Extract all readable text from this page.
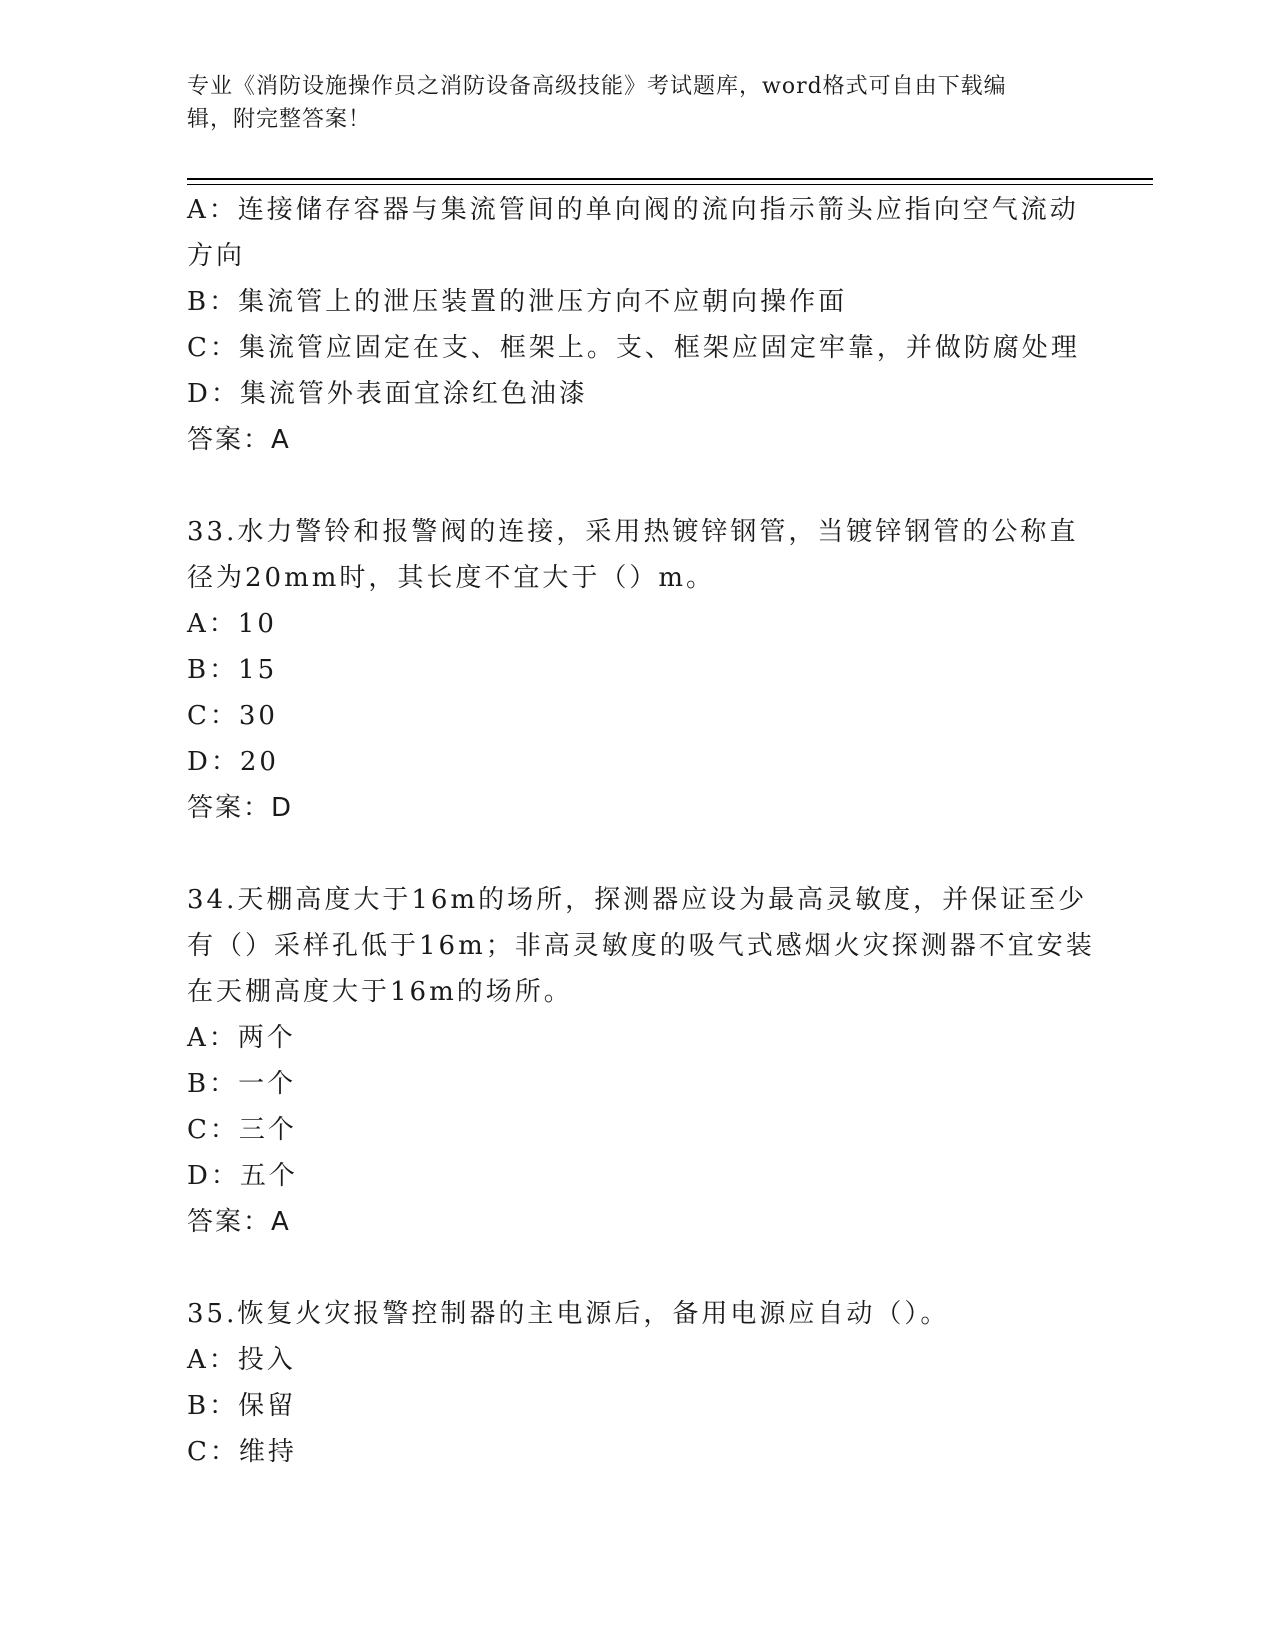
专业《消防设施操作员之消防设备高级技能》考试题库，word格式可自由下载编
辑，附完整答案！
A：连接储存容器与集流管间的单向阀的流向指示箭头应指向空气流动
方向
B：集流管上的泄压装置的泄压方向不应朝向操作面
C：集流管应固定在支、框架上。支、框架应固定牢靠，并做防腐处理
D：集流管外表面宜涂红色油漆
答案：A
33.水力警铃和报警阀的连接，采用热镀锌钢管，当镀锌钢管的公称直
径为20mm时，其长度不宜大于（）m。
A：10
B：15
C：30
D：20
答案：D
34.天棚高度大于16m的场所，探测器应设为最高灵敏度，并保证至少
有（）采样孔低于16m；非高灵敏度的吸气式感烟火灾探测器不宜安装
在天棚高度大于16m的场所。
A：两个
B：一个
C：三个
D：五个
答案：A
35.恢复火灾报警控制器的主电源后，备用电源应自动（）。
A：投入
B：保留
C：维持
